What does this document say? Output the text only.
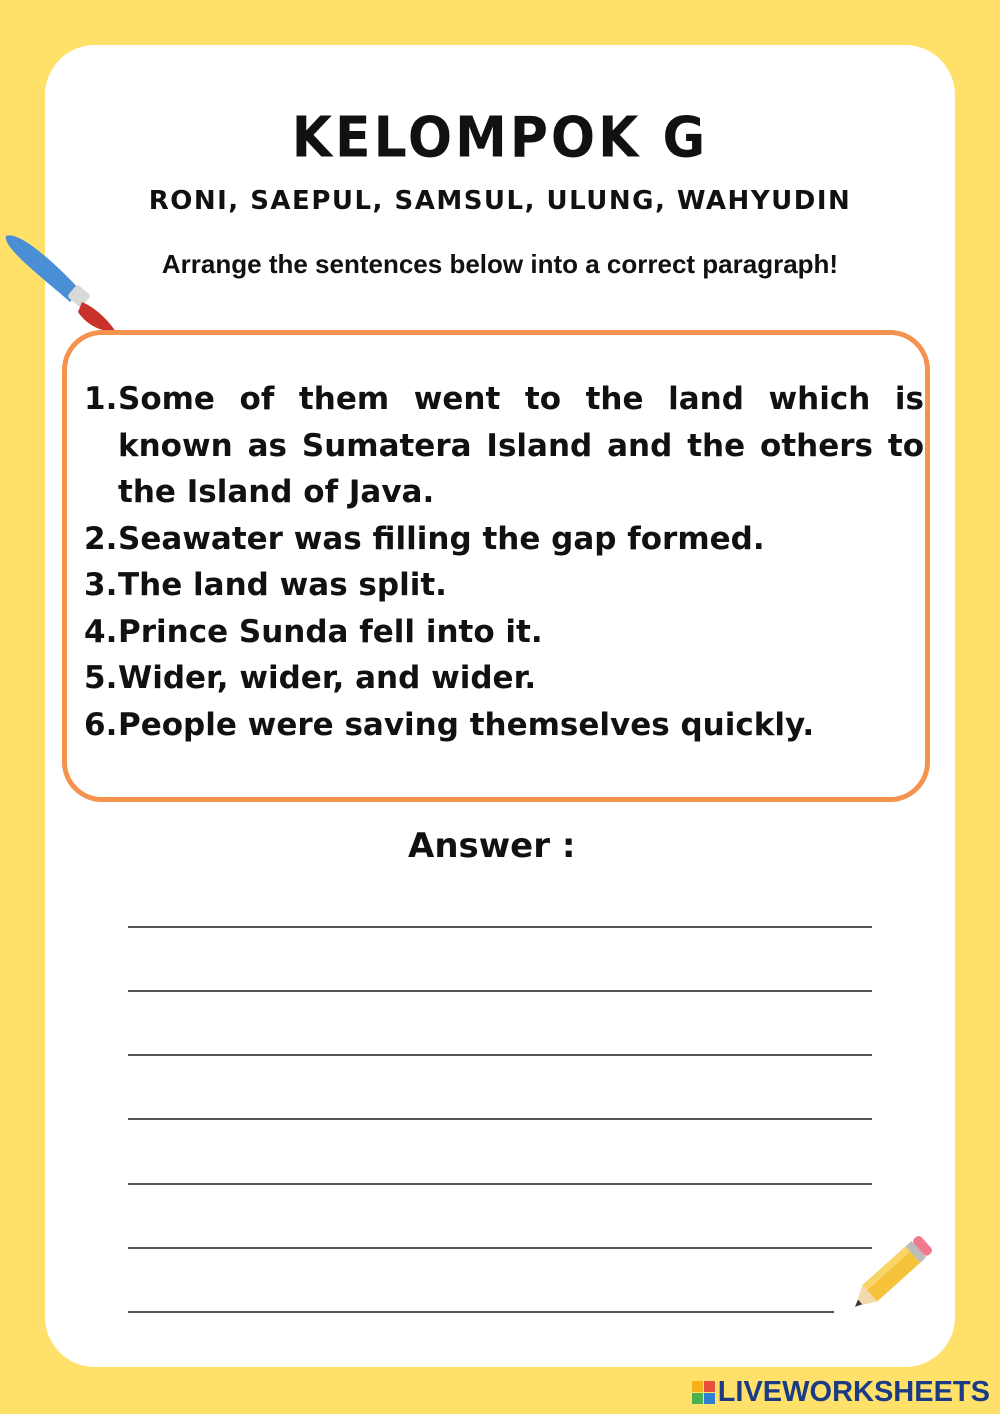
KELOMPOK G
RONI, SAEPUL, SAMSUL, ULUNG, WAHYUDIN
Arrange the sentences below into a correct paragraph!
1. Some of them went to the land which is known as Sumatera Island and the others to the Island of Java.
2. Seawater was filling the gap formed.
3. The land was split.
4. Prince Sunda fell into it.
5. Wider, wider, and wider.
6. People were saving themselves quickly.
Answer :
LIVEWORKSHEETS
